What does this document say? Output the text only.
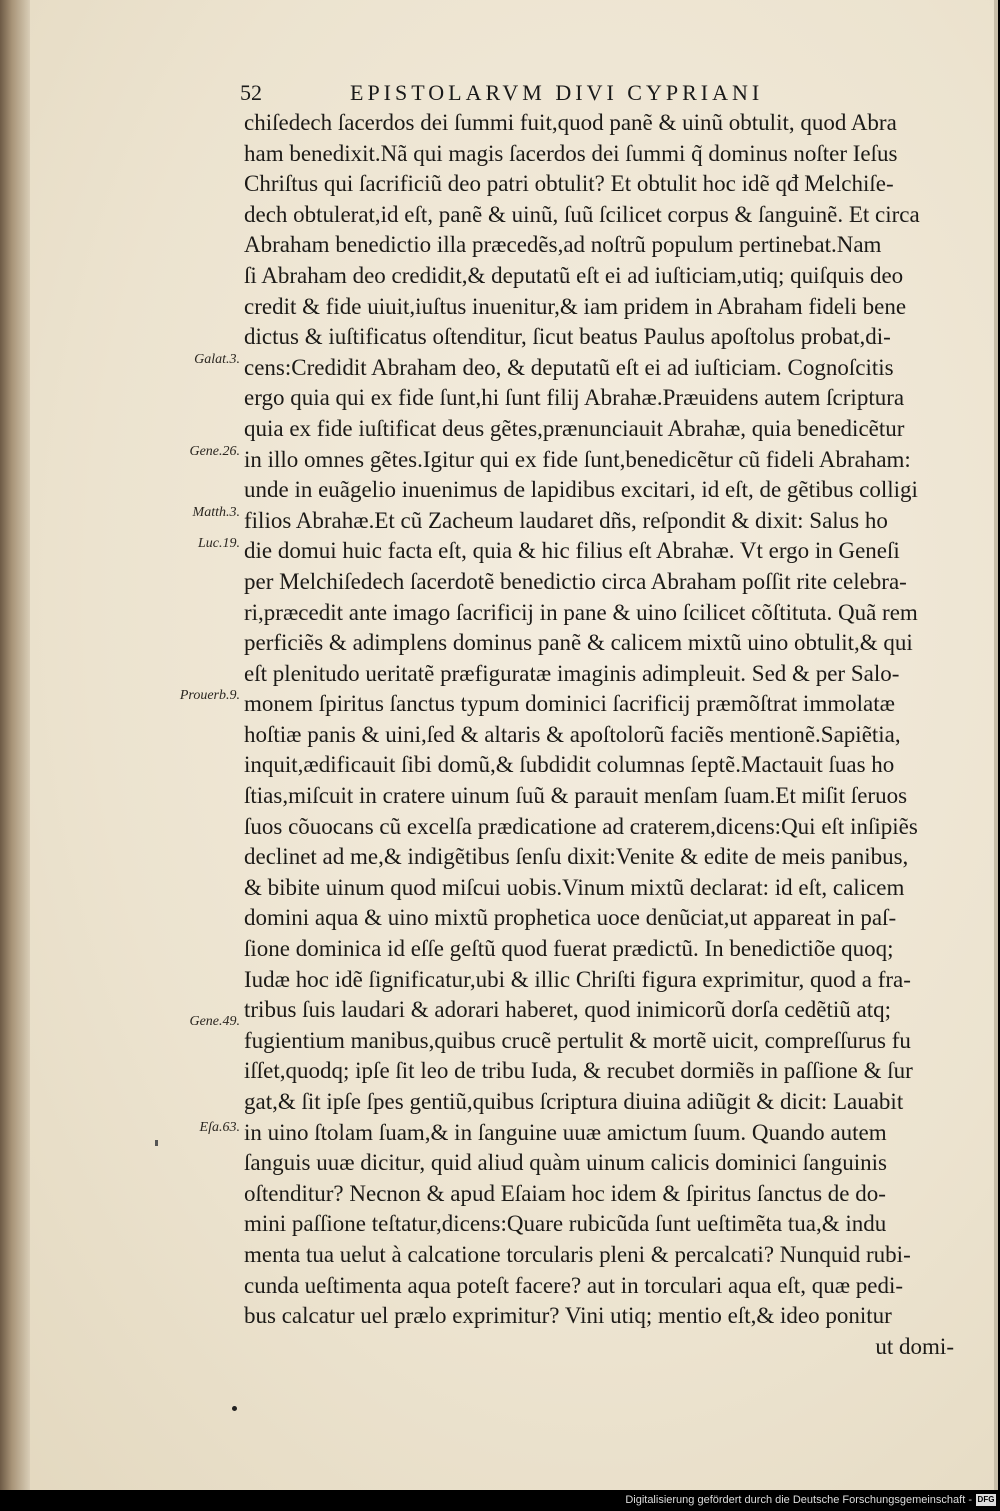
52	EPISTOLARVM DIVI CYPRIANI
chiſedech ſacerdos dei ſummi fuit,quod panẽ & uinũ obtulit, quod Abra
ham benedixit.Nã qui magis ſacerdos dei ſummi q̃ dominus noſter Ieſus
Chriſtus qui ſacrificiũ deo patri obtulit? Et obtulit hoc idẽ qđ Melchiſe-
dech obtulerat,id eſt, panẽ & uinũ, ſuũ ſcilicet corpus & ſanguinẽ. Et circa
Abraham benedictio illa præcedẽs,ad noſtrũ populum pertinebat.Nam
ſi Abraham deo credidit,& deputatũ eſt ei ad iuſticiam,utiq; quiſquis deo
credit & fide uiuit,iuſtus inuenitur,& iam pridem in Abraham fideli bene
dictus & iuſtificatus oſtenditur, ſicut beatus Paulus apoſtolus probat,di-
cens:Credidit Abraham deo, & deputatũ eſt ei ad iuſticiam. Cognoſcitis
ergo quia qui ex fide ſunt,hi ſunt filij Abrahæ.Præuidens autem ſcriptura
quia ex fide iuſtificat deus gẽtes,prænunciauit Abrahæ, quia benedicẽtur
in illo omnes gẽtes.Igitur qui ex fide ſunt,benedicẽtur cũ fideli Abraham:
unde in euãgelio inuenimus de lapidibus excitari, id eſt, de gẽtibus colligi
filios Abrahæ.Et cũ Zacheum laudaret dñs, reſpondit & dixit: Salus ho
die domui huic facta eſt, quia & hic filius eſt Abrahæ. Vt ergo in Geneſi
per Melchiſedech ſacerdotẽ benedictio circa Abraham poſſit rite celebra-
ri,præcedit ante imago ſacrificij in pane & uino ſcilicet cõſtituta. Quã rem
perficiẽs & adimplens dominus panẽ & calicem mixtũ uino obtulit,& qui
eſt plenitudo ueritatẽ præfiguratæ imaginis adimpleuit. Sed & per Salo-
monem ſpiritus ſanctus typum dominici ſacrificij præmõſtrat immolatæ
hoſtiæ panis & uini,ſed & altaris & apoſtolorũ faciẽs mentionẽ.Sapiẽtia,
inquit,ædificauit ſibi domũ,& ſubdidit columnas ſeptẽ.Mactauit ſuas ho
ſtias,miſcuit in cratere uinum ſuũ & parauit menſam ſuam.Et miſit ſeruos
ſuos cõuocans cũ excelſa prædicatione ad craterem,dicens:Qui eſt inſipiẽs
declinet ad me,& indigẽtibus ſenſu dixit:Venite & edite de meis panibus,
& bibite uinum quod miſcui uobis.Vinum mixtũ declarat: id eſt, calicem
domini aqua & uino mixtũ prophetica uoce denũciat,ut appareat in paſ-
ſione dominica id eſſe geſtũ quod fuerat prædictũ. In benedictiõe quoq;
Iudæ hoc idẽ ſignificatur,ubi & illic Chriſti figura exprimitur, quod a fra-
tribus ſuis laudari & adorari haberet, quod inimicorũ dorſa cedẽtiũ atq;
fugientium manibus,quibus crucẽ pertulit & mortẽ uicit, compreſſurus fu
iſſet,quodq; ipſe ſit leo de tribu Iuda, & recubet dormiẽs in paſſione & ſur
gat,& ſit ipſe ſpes gentiũ,quibus ſcriptura diuina adiũgit & dicit: Lauabit
in uino ſtolam ſuam,& in ſanguine uuæ amictum ſuum. Quando autem
ſanguis uuæ dicitur, quid aliud quàm uinum calicis dominici ſanguinis
oſtenditur? Necnon & apud Eſaiam hoc idem & ſpiritus ſanctus de do-
mini paſſione teſtatur,dicens:Quare rubicũda ſunt ueſtimẽta tua,& indu
menta tua uelut à calcatione torcularis pleni & percalcati? Nunquid rubi-
cunda ueſtimenta aqua poteſt facere? aut in torculari aqua eſt, quæ pedi-
bus calcatur uel prælo exprimitur? Vini utiq; mentio eſt,& ideo ponitur
ut domi-
Galat.3.
Gene.26.
Matth.3.
Luc.19.
Prouerb.9.
Gene.49.
Eſa.63.
Digitalisierung gefördert durch die Deutsche Forschungsgemeinschaft - DFG
